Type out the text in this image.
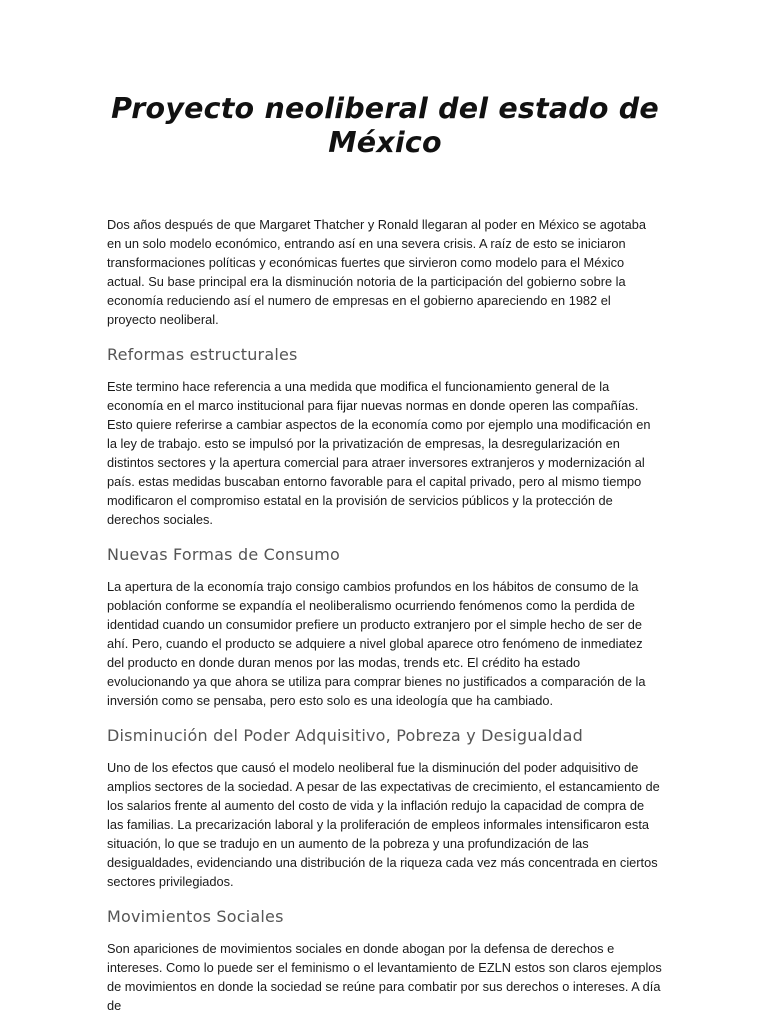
Proyecto neoliberal del estado de México

Dos años después de que Margaret Thatcher y Ronald llegaran al poder en México se agotaba en un solo modelo económico, entrando así en una severa crisis. A raíz de esto se iniciaron transformaciones políticas y económicas fuertes que sirvieron como modelo para el México actual. Su base principal era la disminución notoria de la participación del gobierno sobre la economía reduciendo así el numero de empresas en el gobierno apareciendo en 1982 el proyecto neoliberal.

Reformas estructurales

Este termino hace referencia a una medida que modifica el funcionamiento general de la economía en el marco institucional para fijar nuevas normas en donde operen las compañías. Esto quiere referirse a cambiar aspectos de la economía como por ejemplo una modificación en la ley de trabajo. esto se impulsó por la privatización de empresas, la desregularización en distintos sectores y la apertura comercial para atraer inversores extranjeros y modernización al país. estas medidas buscaban entorno favorable para el capital privado, pero al mismo tiempo modificaron el compromiso estatal en la provisión de servicios públicos y la protección de derechos sociales.

Nuevas Formas de Consumo

La apertura de la economía trajo consigo cambios profundos en los hábitos de consumo de la población conforme se expandía el neoliberalismo ocurriendo fenómenos como la perdida de identidad cuando un consumidor prefiere un producto extranjero por el simple hecho de ser de ahí. Pero, cuando el producto se adquiere a nivel global aparece otro fenómeno de inmediatez del producto en donde duran menos por las modas, trends etc. El crédito ha estado evolucionando ya que ahora se utiliza para comprar bienes no justificados a comparación de la inversión como se pensaba, pero esto solo es una ideología que ha cambiado.

Disminución del Poder Adquisitivo, Pobreza y Desigualdad

Uno de los efectos que causó el modelo neoliberal fue la disminución del poder adquisitivo de amplios sectores de la sociedad. A pesar de las expectativas de crecimiento, el estancamiento de los salarios frente al aumento del costo de vida y la inflación redujo la capacidad de compra de las familias. La precarización laboral y la proliferación de empleos informales intensificaron esta situación, lo que se tradujo en un aumento de la pobreza y una profundización de las desigualdades, evidenciando una distribución de la riqueza cada vez más concentrada en ciertos sectores privilegiados.

Movimientos Sociales

Son apariciones de movimientos sociales en donde abogan por la defensa de derechos e intereses. Como lo puede ser el feminismo o el levantamiento de EZLN estos son claros ejemplos de movimientos en donde la sociedad se reúne para combatir por sus derechos o intereses. A día de
